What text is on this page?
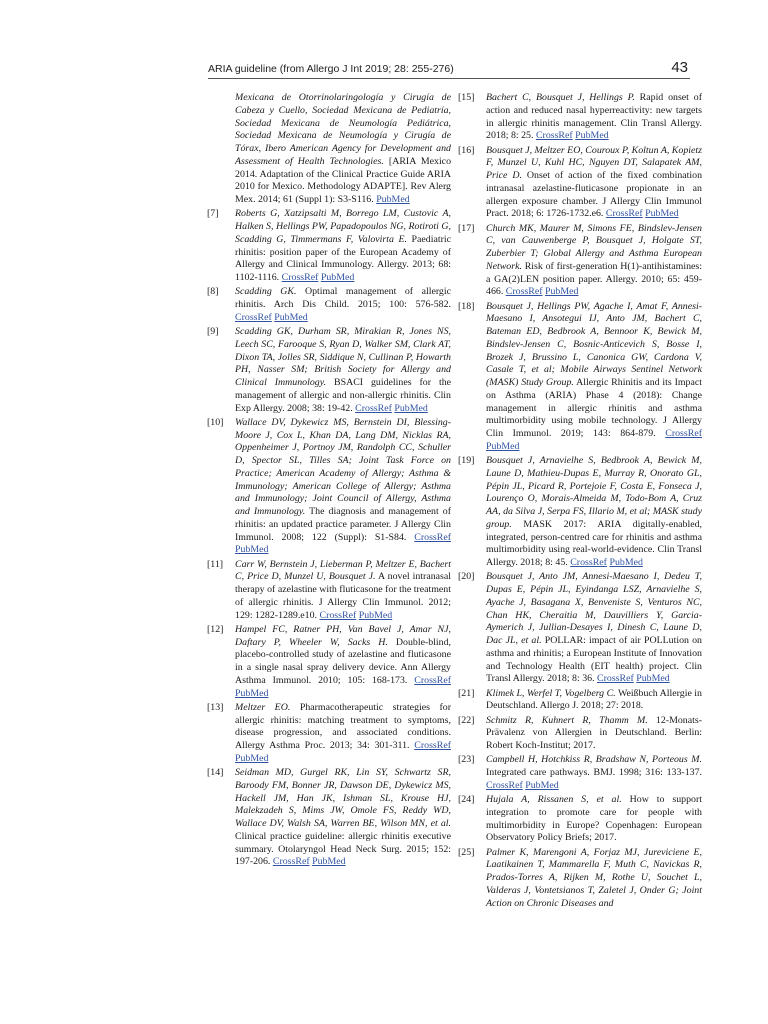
ARIA guideline (from Allergo J Int 2019; 28: 255-276)	43
Mexicana de Otorrinolaringología y Cirugía de Cabeza y Cuello, Sociedad Mexicana de Pediatría, Sociedad Mexicana de Neumología Pediátrica, Sociedad Mexicana de Neumología y Cirugía de Tórax, Ibero American Agency for Development and Assessment of Health Technologies. [ARIA Mexico 2014. Adaptation of the Clinical Practice Guide ARIA 2010 for Mexico. Methodology ADAPTE]. Rev Alerg Mex. 2014; 61 (Suppl 1): S3-S116. PubMed
[7] Roberts G, Xatzipsalti M, Borrego LM, Custovic A, Halken S, Hellings PW, Papadopoulos NG, Rotiroti G, Scadding G, Timmermans F, Valovirta E. Paediatric rhinitis: position paper of the European Academy of Allergy and Clinical Immunology. Allergy. 2013; 68: 1102-1116. CrossRef PubMed
[8] Scadding GK. Optimal management of allergic rhinitis. Arch Dis Child. 2015; 100: 576-582. CrossRef PubMed
[9] Scadding GK, Durham SR, Mirakian R, Jones NS, Leech SC, Farooque S, Ryan D, Walker SM, Clark AT, Dixon TA, Jolles SR, Siddique N, Cullinan P, Howarth PH, Nasser SM; British Society for Allergy and Clinical Immunology. BSACI guidelines for the management of allergic and non-allergic rhinitis. Clin Exp Allergy. 2008; 38: 19-42. CrossRef PubMed
[10] Wallace DV, Dykewicz MS, Bernstein DI, Blessing-Moore J, Cox L, Khan DA, Lang DM, Nicklas RA, Oppenheimer J, Portnoy JM, Randolph CC, Schuller D, Spector SL, Tilles SA; Joint Task Force on Practice; American Academy of Allergy; Asthma & Immunology; American College of Allergy; Asthma and Immunology; Joint Council of Allergy, Asthma and Immunology. The diagnosis and management of rhinitis: an updated practice parameter. J Allergy Clin Immunol. 2008; 122 (Suppl): S1-S84. CrossRef PubMed
[11] Carr W, Bernstein J, Lieberman P, Meltzer E, Bachert C, Price D, Munzel U, Bousquet J. A novel intranasal therapy of azelastine with fluticasone for the treatment of allergic rhinitis. J Allergy Clin Immunol. 2012; 129: 1282-1289.e10. CrossRef PubMed
[12] Hampel FC, Ratner PH, Van Bavel J, Amar NJ, Daftary P, Wheeler W, Sacks H. Double-blind, placebo-controlled study of azelastine and fluticasone in a single nasal spray delivery device. Ann Allergy Asthma Immunol. 2010; 105: 168-173. CrossRef PubMed
[13] Meltzer EO. Pharmacotherapeutic strategies for allergic rhinitis: matching treatment to symptoms, disease progression, and associated conditions. Allergy Asthma Proc. 2013; 34: 301-311. CrossRef PubMed
[14] Seidman MD, Gurgel RK, Lin SY, Schwartz SR, Baroody FM, Bonner JR, Dawson DE, Dykewicz MS, Hackell JM, Han JK, Ishman SL, Krouse HJ, Malekzadeh S, Mims JW, Omole FS, Reddy WD, Wallace DV, Walsh SA, Warren BE, Wilson MN, et al. Clinical practice guideline: allergic rhinitis executive summary. Otolaryngol Head Neck Surg. 2015; 152: 197-206. CrossRef PubMed
[15] Bachert C, Bousquet J, Hellings P. Rapid onset of action and reduced nasal hyperreactivity: new targets in allergic rhinitis management. Clin Transl Allergy. 2018; 8: 25. CrossRef PubMed
[16] Bousquet J, Meltzer EO, Couroux P, Koltun A, Kopietz F, Munzel U, Kuhl HC, Nguyen DT, Salapatek AM, Price D. Onset of action of the fixed combination intranasal azelastine-fluticasone propionate in an allergen exposure chamber. J Allergy Clin Immunol Pract. 2018; 6: 1726-1732.e6. CrossRef PubMed
[17] Church MK, Maurer M, Simons FE, Bindslev-Jensen C, van Cauwenberge P, Bousquet J, Holgate ST, Zuberbier T; Global Allergy and Asthma European Network. Risk of first-generation H(1)-antihistamines: a GA(2)LEN position paper. Allergy. 2010; 65: 459-466. CrossRef PubMed
[18] Bousquet J, Hellings PW, Agache I, Amat F, Annesi-Maesano I, Ansotegui IJ, Anto JM, Bachert C, Bateman ED, Bedbrook A, Bennoor K, Bewick M, Bindslev-Jensen C, Bosnic-Anticevich S, Bosse I, Brozek J, Brussino L, Canonica GW, Cardona V, Casale T, et al; Mobile Airways Sentinel Network (MASK) Study Group. Allergic Rhinitis and its Impact on Asthma (ARIA) Phase 4 (2018): Change management in allergic rhinitis and asthma multimorbidity using mobile technology. J Allergy Clin Immunol. 2019; 143: 864-879. CrossRef PubMed
[19] Bousquet J, Arnavielhe S, Bedbrook A, Bewick M, Laune D, Mathieu-Dupas E, Murray R, Onorato GL, Pépin JL, Picard R, Portejoie F, Costa E, Fonseca J, Lourenço O, Morais-Almeida M, Todo-Bom A, Cruz AA, da Silva J, Serpa FS, Illario M, et al; MASK study group. MASK 2017: ARIA digitally-enabled, integrated, person-centred care for rhinitis and asthma multimorbidity using real-world-evidence. Clin Transl Allergy. 2018; 8: 45. CrossRef PubMed
[20] Bousquet J, Anto JM, Annesi-Maesano I, Dedeu T, Dupas E, Pépin JL, Eyindanga LSZ, Arnavielhe S, Ayache J, Basagana X, Benveniste S, Venturos NC, Chan HK, Cheraitia M, Dauvilliers Y, Garcia-Aymerich J, Jullian-Desayes I, Dinesh C, Laune D, Dac JL, et al. POLLAR: impact of air POLLution on asthma and rhinitis; a European Institute of Innovation and Technology Health (EIT health) project. Clin Transl Allergy. 2018; 8: 36. CrossRef PubMed
[21] Klimek L, Werfel T, Vogelberg C. Weißbuch Allergie in Deutschland. Allergo J. 2018; 27: 2018.
[22] Schmitz R, Kuhnert R, Thamm M. 12-Monats-Prävalenz von Allergien in Deutschland. Berlin: Robert Koch-Institut; 2017.
[23] Campbell H, Hotchkiss R, Bradshaw N, Porteous M. Integrated care pathways. BMJ. 1998; 316: 133-137. CrossRef PubMed
[24] Hujala A, Rissanen S, et al. How to support integration to promote care for people with multimorbidity in Europe? Copenhagen: European Observatory Policy Briefs; 2017.
[25] Palmer K, Marengoni A, Forjaz MJ, Jureviciene E, Laatikainen T, Mammarella F, Muth C, Navickas R, Prados-Torres A, Rijken M, Rothe U, Souchet L, Valderas J, Vontetsianos T, Zaletel J, Onder G; Joint Action on Chronic Diseases and
